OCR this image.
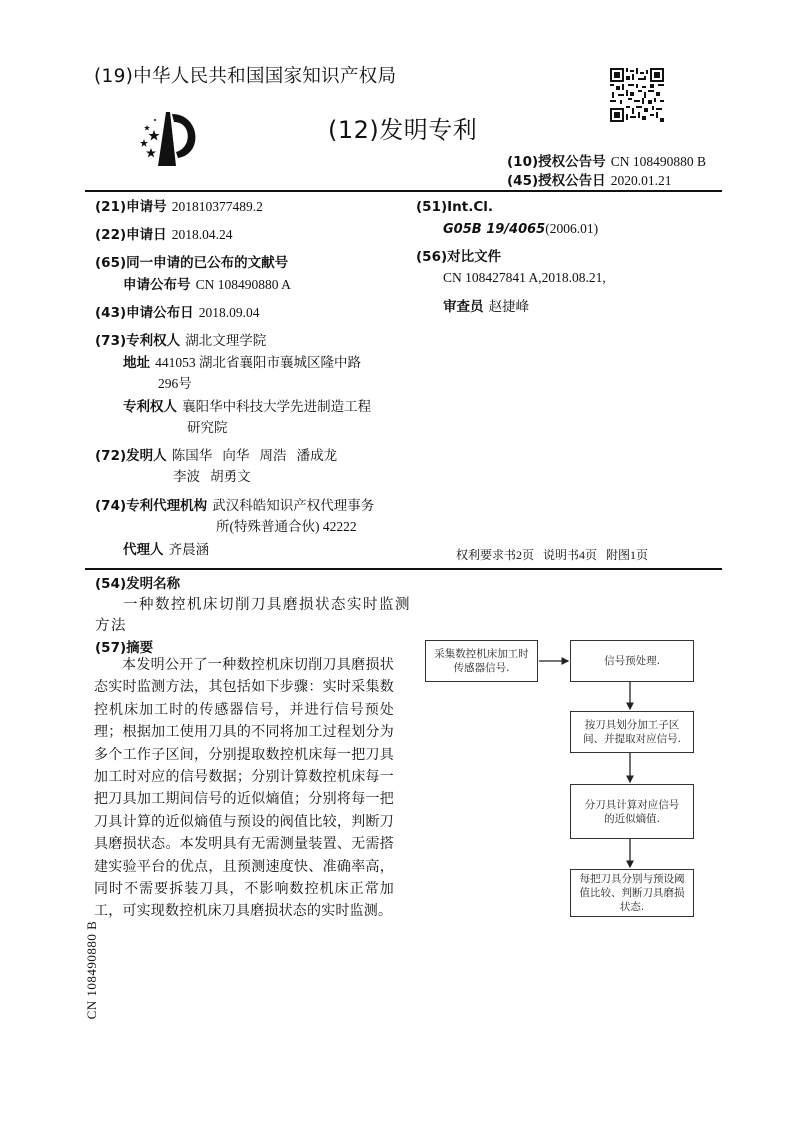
(19)中华人民共和国国家知识产权局
(12)发明专利
(10)授权公告号 CN 108490880 B
(45)授权公告日 2020.01.21
(21)申请号 201810377489.2
(22)申请日 2018.04.24
(65)同一申请的已公布的文献号
申请公布号 CN 108490880 A
(43)申请公布日 2018.09.04
(73)专利权人 湖北文理学院
地址 441053 湖北省襄阳市襄城区隆中路
296号
专利权人 襄阳华中科技大学先进制造工程
研究院
(72)发明人 陈国华   向华   周浩   潘成龙
李波   胡勇文
(74)专利代理机构 武汉科皓知识产权代理事务
所(特殊普通合伙) 42222
代理人 齐晨涵
(51)Int.Cl.
G05B 19/4065(2006.01)
(56)对比文件
CN 108427841 A,2018.08.21,
审查员 赵捷峰
权利要求书2页   说明书4页   附图1页
(54)发明名称
一种数控机床切削刀具磨损状态实时监测
方法
(57)摘要
本发明公开了一种数控机床切削刀具磨损状态实时监测方法，其包括如下步骤：实时采集数控机床加工时的传感器信号，并进行信号预处理；根据加工使用刀具的不同将加工过程划分为多个工作子区间，分别提取数控机床每一把刀具加工时对应的信号数据；分别计算数控机床每一把刀具加工期间信号的近似熵值；分别将每一把刀具计算的近似熵值与预设的阀值比较，判断刀具磨损状态。本发明具有无需测量装置、无需搭建实验平台的优点，且预测速度快、准确率高，同时不需要拆装刀具，不影响数控机床正常加工，可实现数控机床刀具磨损状态的实时监测。
采集数控机床加工时传感器信号.
信号预处理.
按刀具划分加工子区间、并提取对应信号.
分刀具计算对应信号的近似熵值.
每把刀具分别与预设阈值比较、判断刀具磨损状态.
CN 108490880 B
